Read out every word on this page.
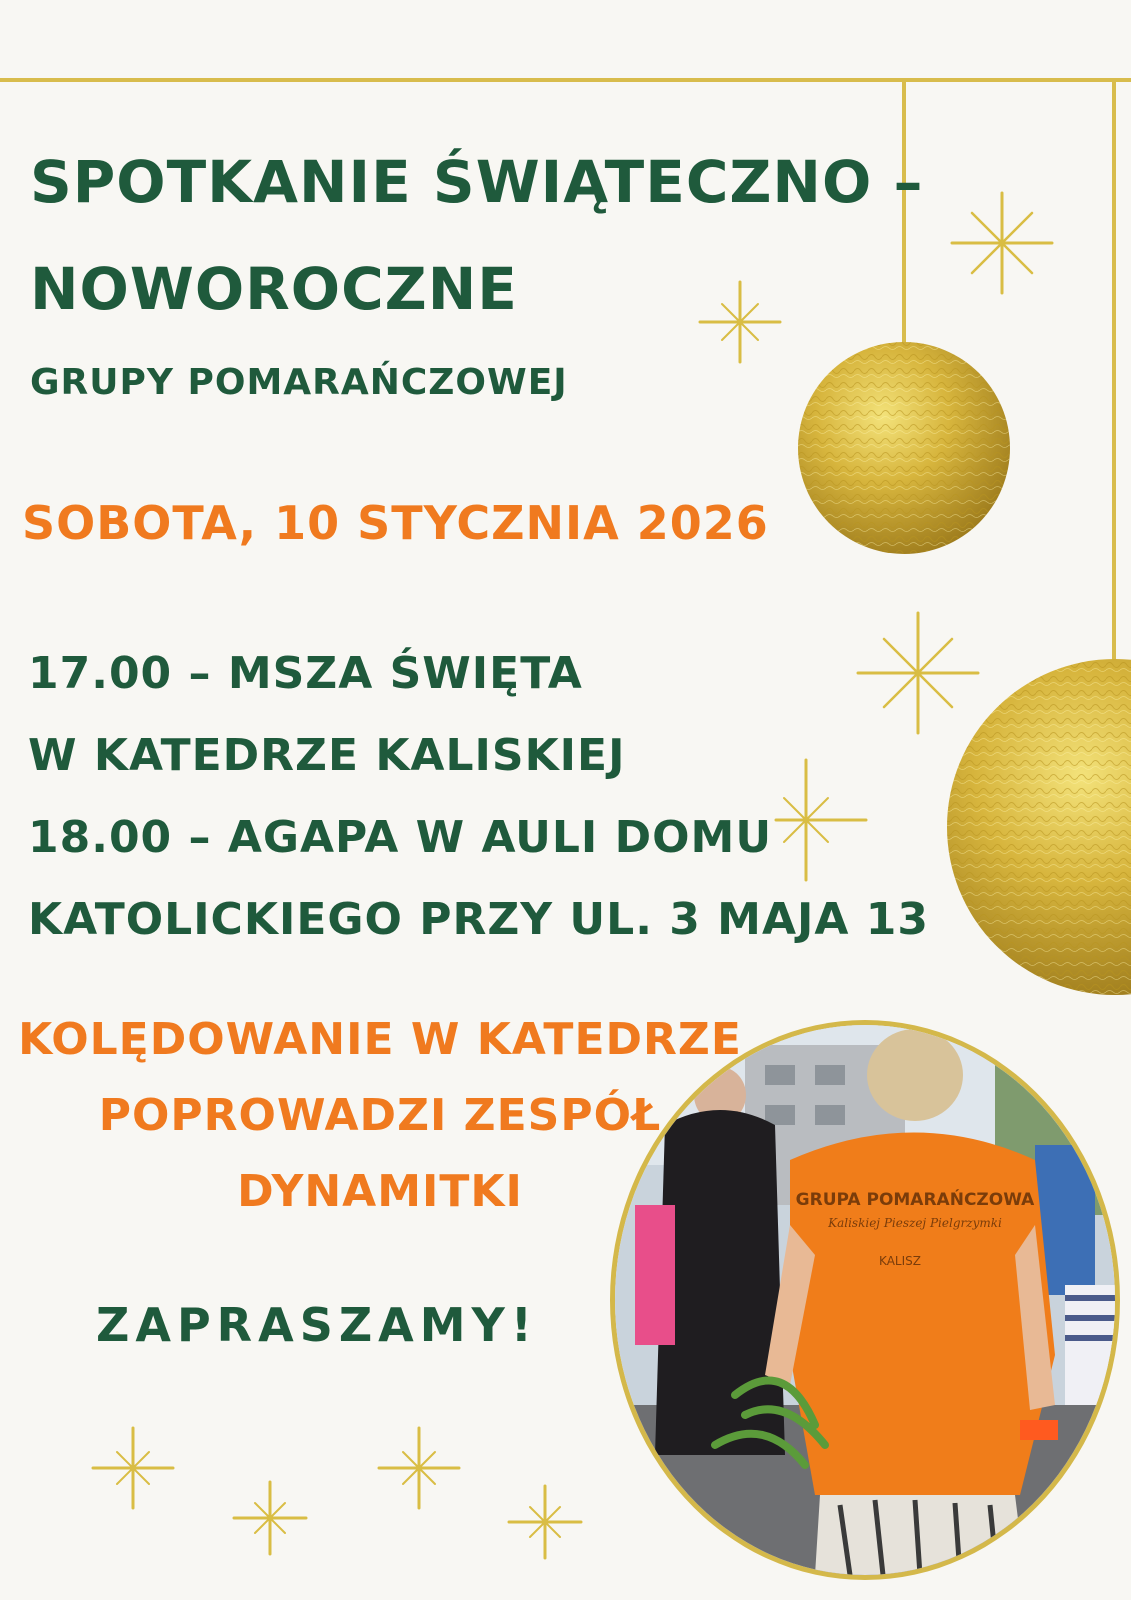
SPOTKANIE ŚWIĄTECZNO –
NOWOROCZNE
GRUPY POMARAŃCZOWEJ
SOBOTA, 10 STYCZNIA 2026
17.00 – MSZA ŚWIĘTA
W KATEDRZE KALISKIEJ
18.00 – AGAPA W AULI DOMU
KATOLICKIEGO PRZY UL. 3 MAJA 13
KOLĘDOWANIE W KATEDRZE
POPROWADZI ZESPÓŁ
DYNAMITKI
ZAPRASZAMY!
GRUPA POMARAŃCZOWA
Kaliskiej Pieszej Pielgrzymki
KALISZ
